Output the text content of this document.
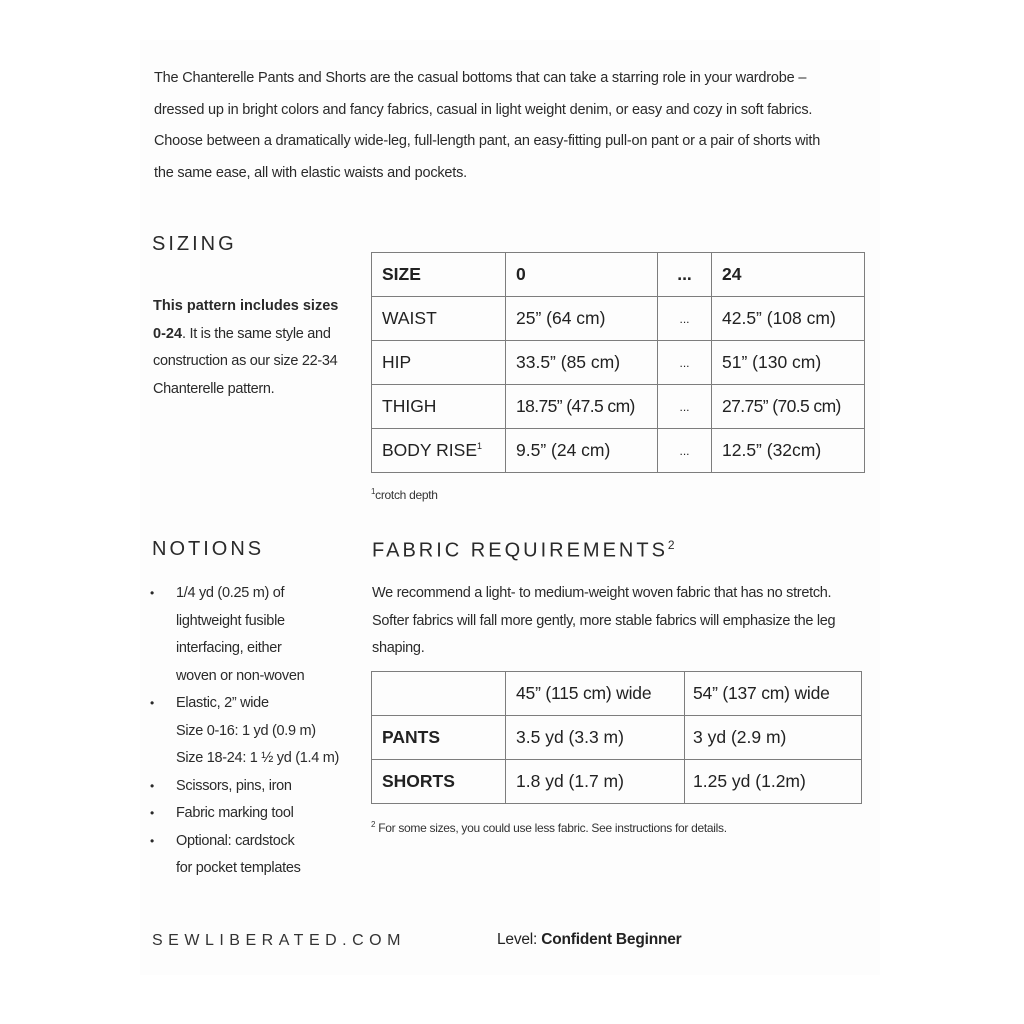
The Chanterelle Pants and Shorts are the casual bottoms that can take a starring role in your wardrobe – dressed up in bright colors and fancy fabrics, casual in light weight denim, or easy and cozy in soft fabrics.

Choose between a dramatically wide-leg, full-length pant, an easy-fitting pull-on pant or a pair of shorts with the same ease, all with elastic waists and pockets.

SIZING
This pattern includes sizes 0-24. It is the same style and construction as our size 22-34 Chanterelle pattern.
SIZE	0	...	24
WAIST	25” (64 cm)	...	42.5” (108 cm)
HIP	33.5” (85 cm)	...	51” (130 cm)
THIGH	18.75” (47.5 cm)	...	27.75” (70.5 cm)
BODY RISE$^1$	9.5” (24 cm)	...	12.5” (32cm)
$^1$crotch depth
NOTIONS
• 1/4 yd (0.25 m) of
lightweight fusible
interfacing, either
woven or non-woven
• Elastic, 2” wide
Size 0-16: 1 yd (0.9 m)
Size 18-24: 1 ½ yd (1.4 m)
• Scissors, pins, iron
• Fabric marking tool
• Optional: cardstock
for pocket templates
FABRIC REQUIREMENTS$^2$
We recommend a light- to medium-weight woven fabric that has no stretch. Softer fabrics will fall more gently, more stable fabrics will emphasize the leg shaping.
	45” (115 cm) wide	54” (137 cm) wide
PANTS	3.5 yd (3.3 m)	3 yd (2.9 m)
SHORTS	1.8 yd (1.7 m)	1.25 yd (1.2m)
$^2$ For some sizes, you could use less fabric. See instructions for details.
SEWLIBERATED.COM	Level: Confident Beginner
